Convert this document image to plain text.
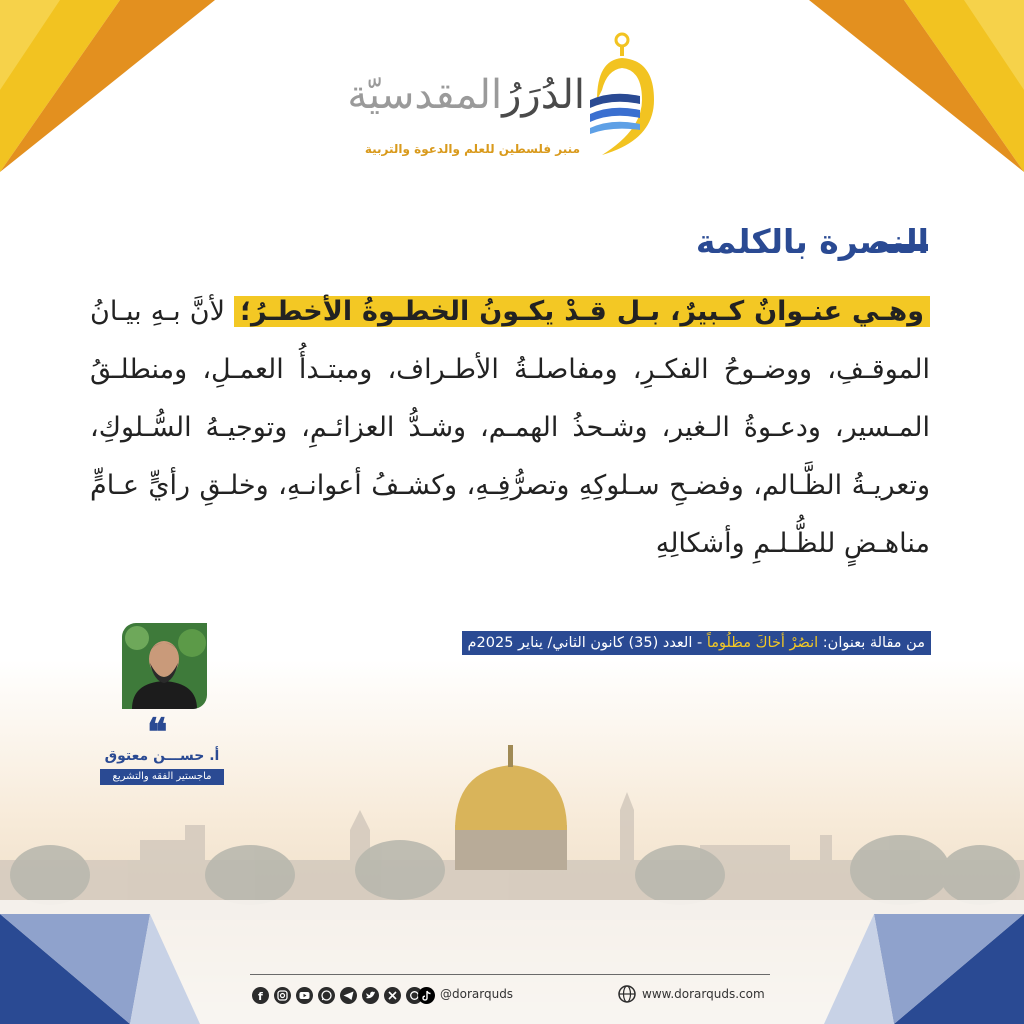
الدُرَرُالمقدسيّة
منبر فلسطين للعلم والدعوة والتربية
النصرة بالكلمة
وهـي عنـوانٌ كـبيرٌ، بـل قـدْ يكـونُ الخطـوةُ الأخطـرُ؛ لأنَّ بـهِ بيـانُ الموقـفِ، ووضـوحُ الفكـرِ، ومفاصلـةُ الأطـراف، ومبتـدأُ العمـلِ، ومنطلـقُ المـسير، ودعـوةُ الـغير، وشـحذُ الهمـم، وشـدُّ العزائـمِ، وتوجيـهُ السُّـلوكِ، وتعريـةُ الظَّـالم، وفضـحِ سـلوكِهِ وتصرُّفِـهِ، وكشـفُ أعوانـهِ، وخلـقِ رأيٍّ عـامٍّ مناهـضٍ للظُّـلـمِ وأشكالِهِ
من مقالة بعنوان: انصُرْ أخاكَ مظلُوماً - العدد (35) كانون الثاني/ يناير 2025م
❝
أ. حســـن معتوق
ماجستير الفقه والتشريع
f	@dorarquds	www.dorarquds.com
